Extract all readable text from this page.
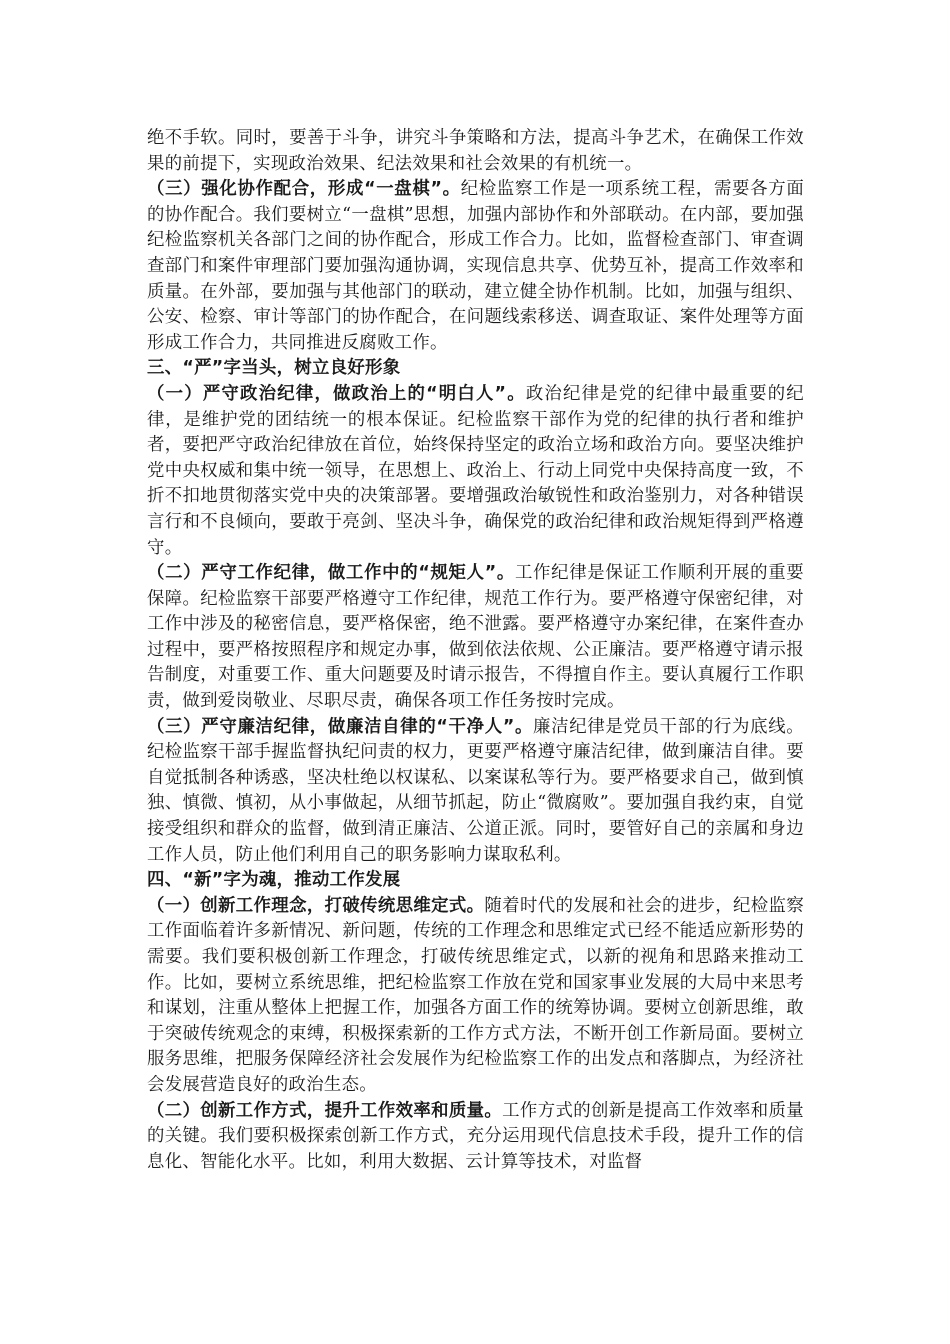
绝不手软。同时，要善于斗争，讲究斗争策略和方法，提高斗争艺术，在确保工作效果的前提下，实现政治效果、纪法效果和社会效果的有机统一。

（三）强化协作配合，形成“一盘棋”。纪检监察工作是一项系统工程，需要各方面的协作配合。我们要树立“一盘棋”思想，加强内部协作和外部联动。在内部，要加强纪检监察机关各部门之间的协作配合，形成工作合力。比如，监督检查部门、审查调查部门和案件审理部门要加强沟通协调，实现信息共享、优势互补，提高工作效率和质量。在外部，要加强与其他部门的联动，建立健全协作机制。比如，加强与组织、公安、检察、审计等部门的协作配合，在问题线索移送、调查取证、案件处理等方面形成工作合力，共同推进反腐败工作。

三、“严”字当头，树立良好形象

（一）严守政治纪律，做政治上的“明白人”。政治纪律是党的纪律中最重要的纪律，是维护党的团结统一的根本保证。纪检监察干部作为党的纪律的执行者和维护者，要把严守政治纪律放在首位，始终保持坚定的政治立场和政治方向。要坚决维护党中央权威和集中统一领导，在思想上、政治上、行动上同党中央保持高度一致，不折不扣地贯彻落实党中央的决策部署。要增强政治敏锐性和政治鉴别力，对各种错误言行和不良倾向，要敢于亮剑、坚决斗争，确保党的政治纪律和政治规矩得到严格遵守。

（二）严守工作纪律，做工作中的“规矩人”。工作纪律是保证工作顺利开展的重要保障。纪检监察干部要严格遵守工作纪律，规范工作行为。要严格遵守保密纪律，对工作中涉及的秘密信息，要严格保密，绝不泄露。要严格遵守办案纪律，在案件查办过程中，要严格按照程序和规定办事，做到依法依规、公正廉洁。要严格遵守请示报告制度，对重要工作、重大问题要及时请示报告，不得擅自作主。要认真履行工作职责，做到爱岗敬业、尽职尽责，确保各项工作任务按时完成。

（三）严守廉洁纪律，做廉洁自律的“干净人”。廉洁纪律是党员干部的行为底线。纪检监察干部手握监督执纪问责的权力，更要严格遵守廉洁纪律，做到廉洁自律。要自觉抵制各种诱惑，坚决杜绝以权谋私、以案谋私等行为。要严格要求自己，做到慎独、慎微、慎初，从小事做起，从细节抓起，防止“微腐败”。要加强自我约束，自觉接受组织和群众的监督，做到清正廉洁、公道正派。同时，要管好自己的亲属和身边工作人员，防止他们利用自己的职务影响力谋取私利。

四、“新”字为魂，推动工作发展

（一）创新工作理念，打破传统思维定式。随着时代的发展和社会的进步，纪检监察工作面临着许多新情况、新问题，传统的工作理念和思维定式已经不能适应新形势的需要。我们要积极创新工作理念，打破传统思维定式，以新的视角和思路来推动工作。比如，要树立系统思维，把纪检监察工作放在党和国家事业发展的大局中来思考和谋划，注重从整体上把握工作，加强各方面工作的统筹协调。要树立创新思维，敢于突破传统观念的束缚，积极探索新的工作方式方法，不断开创工作新局面。要树立服务思维，把服务保障经济社会发展作为纪检监察工作的出发点和落脚点，为经济社会发展营造良好的政治生态。

（二）创新工作方式，提升工作效率和质量。工作方式的创新是提高工作效率和质量的关键。我们要积极探索创新工作方式，充分运用现代信息技术手段，提升工作的信息化、智能化水平。比如，利用大数据、云计算等技术，对监督
